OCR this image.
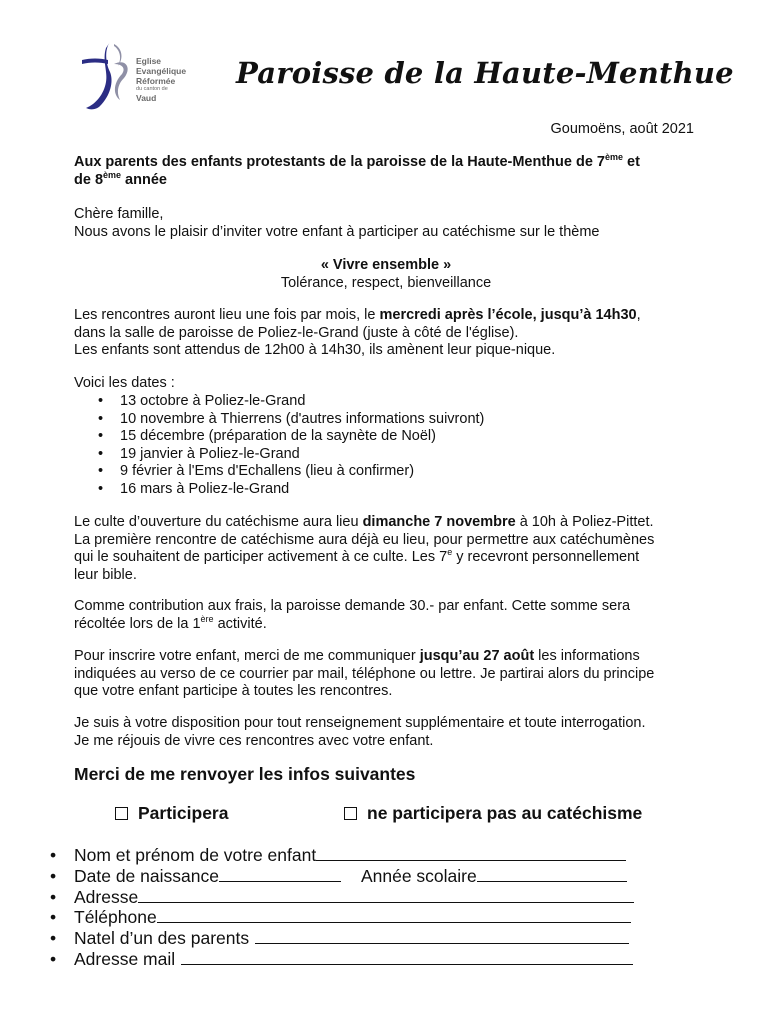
Eglise
Evangélique
Réformée

du canton de
Vaud
Paroisse de la Haute-Menthue
Goumoëns, août 2021
Aux parents des enfants protestants de la paroisse de la Haute-Menthue de 7ème et
de 8ème année
Chère famille,
Nous avons le plaisir d’inviter votre enfant à participer au catéchisme sur le thème
« Vivre ensemble »
Tolérance, respect, bienveillance
Les rencontres auront lieu une fois par mois, le mercredi après l’école, jusqu’à 14h30,
dans la salle de paroisse de Poliez-le-Grand (juste à côté de l'église).
Les enfants sont attendus de 12h00 à 14h30, ils amènent leur pique-nique.
Voici les dates :
• 13 octobre à Poliez-le-Grand
• 10 novembre à Thierrens (d'autres informations suivront)
• 15 décembre (préparation de la saynète de Noël)
• 19 janvier à Poliez-le-Grand
• 9 février à l'Ems d'Echallens (lieu à confirmer)
• 16 mars à Poliez-le-Grand
Le culte d’ouverture du catéchisme aura lieu dimanche 7 novembre à 10h à Poliez-Pittet.
La première rencontre de catéchisme aura déjà eu lieu, pour permettre aux catéchumènes
qui le souhaitent de participer activement à ce culte. Les 7e y recevront personnellement
leur bible.
Comme contribution aux frais, la paroisse demande 30.- par enfant. Cette somme sera
récoltée lors de la 1ère activité.
Pour inscrire votre enfant, merci de me communiquer jusqu’au 27 août les informations
indiquées au verso de ce courrier par mail, téléphone ou lettre. Je partirai alors du principe
que votre enfant participe à toutes les rencontres.
Je suis à votre disposition pour tout renseignement supplémentaire et toute interrogation.
Je me réjouis de vivre ces rencontres avec votre enfant.
Merci de me renvoyer les infos suivantes
Participera	ne participera pas au catéchisme
• Nom et prénom de votre enfant
• Date de naissance	Année scolaire
• Adresse
• Téléphone
• Natel d’un des parents
• Adresse mail
